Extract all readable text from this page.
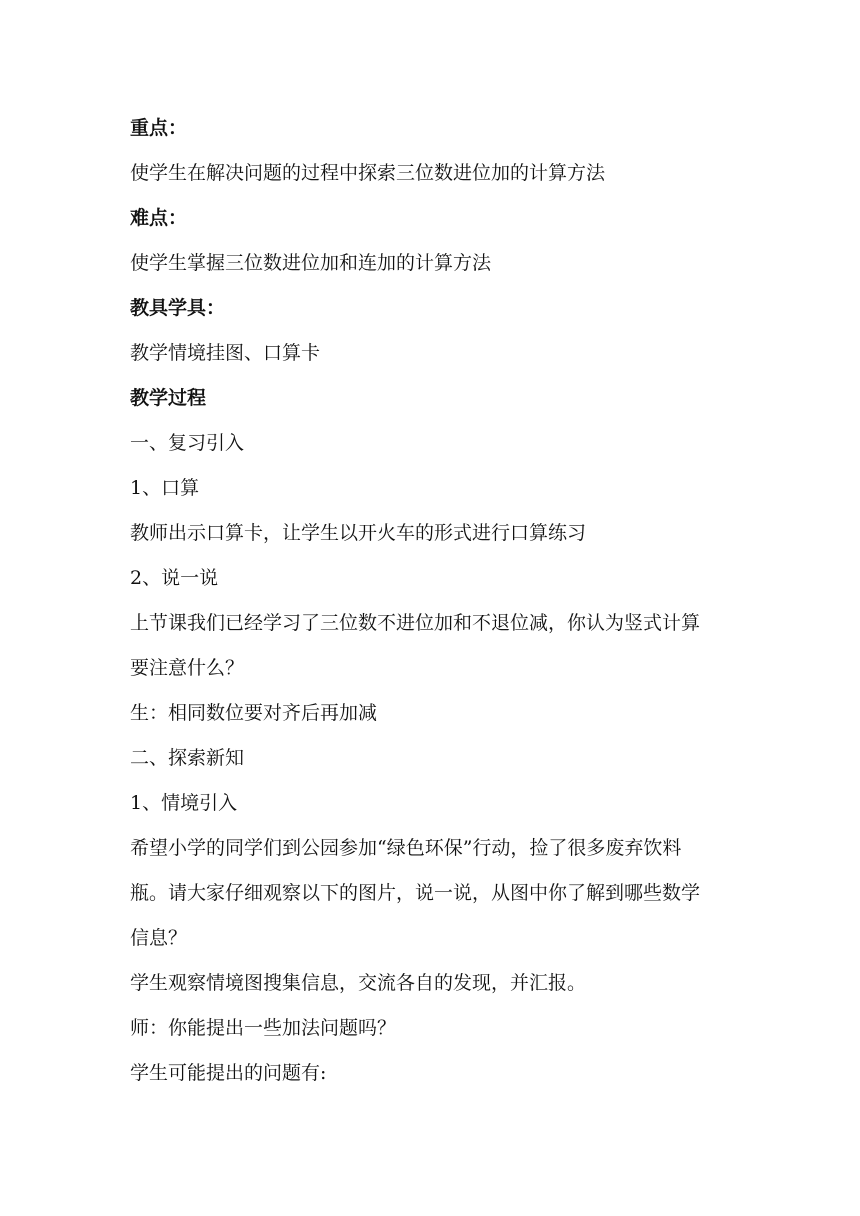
重点：
使学生在解决问题的过程中探索三位数进位加的计算方法
难点：
使学生掌握三位数进位加和连加的计算方法
教具学具：
教学情境挂图、口算卡
教学过程
一、复习引入
1、口算
教师出示口算卡，让学生以开火车的形式进行口算练习
2、说一说
上节课我们已经学习了三位数不进位加和不退位减，你认为竖式计算
要注意什么？
生：相同数位要对齐后再加减
二、探索新知
1、情境引入
希望小学的同学们到公园参加“绿色环保”行动，捡了很多废弃饮料
瓶。请大家仔细观察以下的图片，说一说，从图中你了解到哪些数学
信息？
学生观察情境图搜集信息，交流各自的发现，并汇报。
师：你能提出一些加法问题吗？
学生可能提出的问题有:
